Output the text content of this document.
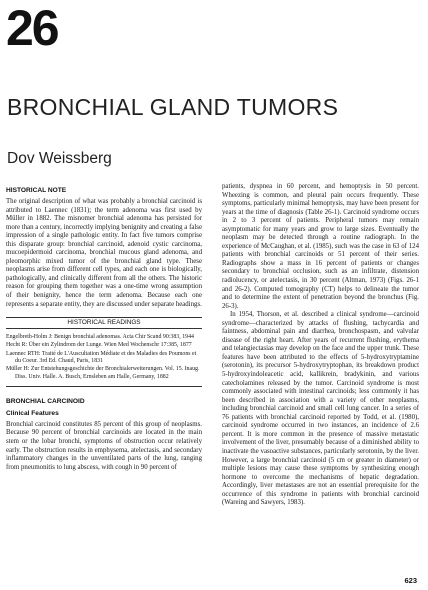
26
BRONCHIAL GLAND TUMORS
Dov Weissberg
HISTORICAL NOTE

The original description of what was probably a bronchial carcinoid is attributed to Laennec (1831); the term adenoma was first used by Müller in 1882. The misnomer bronchial adenoma has persisted for more than a century, incorrectly implying benignity and creating a false impression of a single pathologic entity. In fact five tumors comprise this disparate group: bronchial carcinoid, adenoid cystic carcinoma, mucoepidermoid carcinoma, bronchial mucous gland adenoma, and pleomorphic mixed tumor of the bronchial gland type. These neoplasms arise from different cell types, and each one is biologically, pathologically, and clinically different from all the others. The historic reason for grouping them together was a one-time wrong assumption of their benignity, hence the term adenoma. Because each one represents a separate entity, they are discussed under separate headings.

HISTORICAL READINGS

Engelbreth-Holm J: Benign bronchial adenomas. Acta Chir Scand 90:383, 1944

Hecht R: Über ein Zylindrom der Lunge. Wien Med Wochenschr 17:385, 1877

Laennec RTH: Traité de L'Auscultation Médiate et des Maladies des Poumons et du Coeur. 3rd Ed. Chaud, Paris, 1831

Müller H: Zur Entstehungsgeschichte der Bronchialerweiterungen. Vol. 15. Inaug. Diss. Univ. Halle. A. Busch, Ernsleben am Halle, Germany, 1882

BRONCHIAL CARCINOID
Clinical Features

Bronchial carcinoid constitutes 85 percent of this group of neoplasms. Because 90 percent of bronchial carcinoids are located in the main stem or the lobar bronchi, symptoms of obstruction occur relatively early. The obstruction results in emphysema, atelectasis, and secondary inflammatory changes in the unventilated parts of the lung, ranging from pneumonitis to lung abscess, with cough in 90 percent of

patients, dyspnea in 60 percent, and hemoptysis in 50 percent. Wheezing is common, and pleural pain occurs frequently. These symptoms, particularly minimal hemoptysis, may have been present for years at the time of diagnosis (Table 26-1). Carcinoid syndrome occurs in 2 to 3 percent of patients. Peripheral tumors may remain asymptomatic for many years and grow to large sizes. Eventually the neoplasm may be detected through a routine radiograph. In the experience of McCaughan, et al. (1985), such was the case in 63 of 124 patients with bronchial carcinoids or 51 percent of their series. Radiographs show a mass in 16 percent of patients or changes secondary to bronchial occlusion, such as an infiltrate, distension radiolucency, or atelectasis, in 30 percent (Altman, 1973) (Figs. 26-1 and 26-2). Computed tomography (CT) helps to delineate the tumor and to determine the extent of penetration beyond the bronchus (Fig. 26-3).

In 1954, Thorson, et al. described a clinical syndrome—carcinoid syndrome—characterized by attacks of flushing, tachycardia and faintness, abdominal pain and diarrhea, bronchospasm, and valvular disease of the right heart. After years of recurrent flushing, erythema and telangiectasias may develop on the face and the upper trunk. These features have been attributed to the effects of 5-hydroxytryptamine (serotonin), its precursor 5-hydroxytryptophan, its breakdown product 5-hydroxyindoleacetic acid, kallikrein, bradykinin, and various catecholamines released by the tumor. Carcinoid syndrome is most commonly associated with intestinal carcinoids; less commonly it has been described in association with a variety of other neoplasms, including bronchial carcinoid and small cell lung cancer. In a series of 76 patients with bronchial carcinoid reported by Todd, et al. (1980), carcinoid syndrome occurred in two instances, an incidence of 2.6 percent. It is more common in the presence of massive metastatic involvement of the liver, presumably because of a diminished ability to inactivate the vasoactive substances, particularly serotonin, by the liver. However, a large bronchial carcinoid (5 cm or greater in diameter) or multiple lesions may cause these symptoms by synthesizing enough hormone to overcome the mechanisms of hepatic degradation. Accordingly, liver metastases are not an essential prerequisite for the occurrence of this syndrome in patients with bronchial carcinoid (Wareing and Sawyers, 1983).

623
